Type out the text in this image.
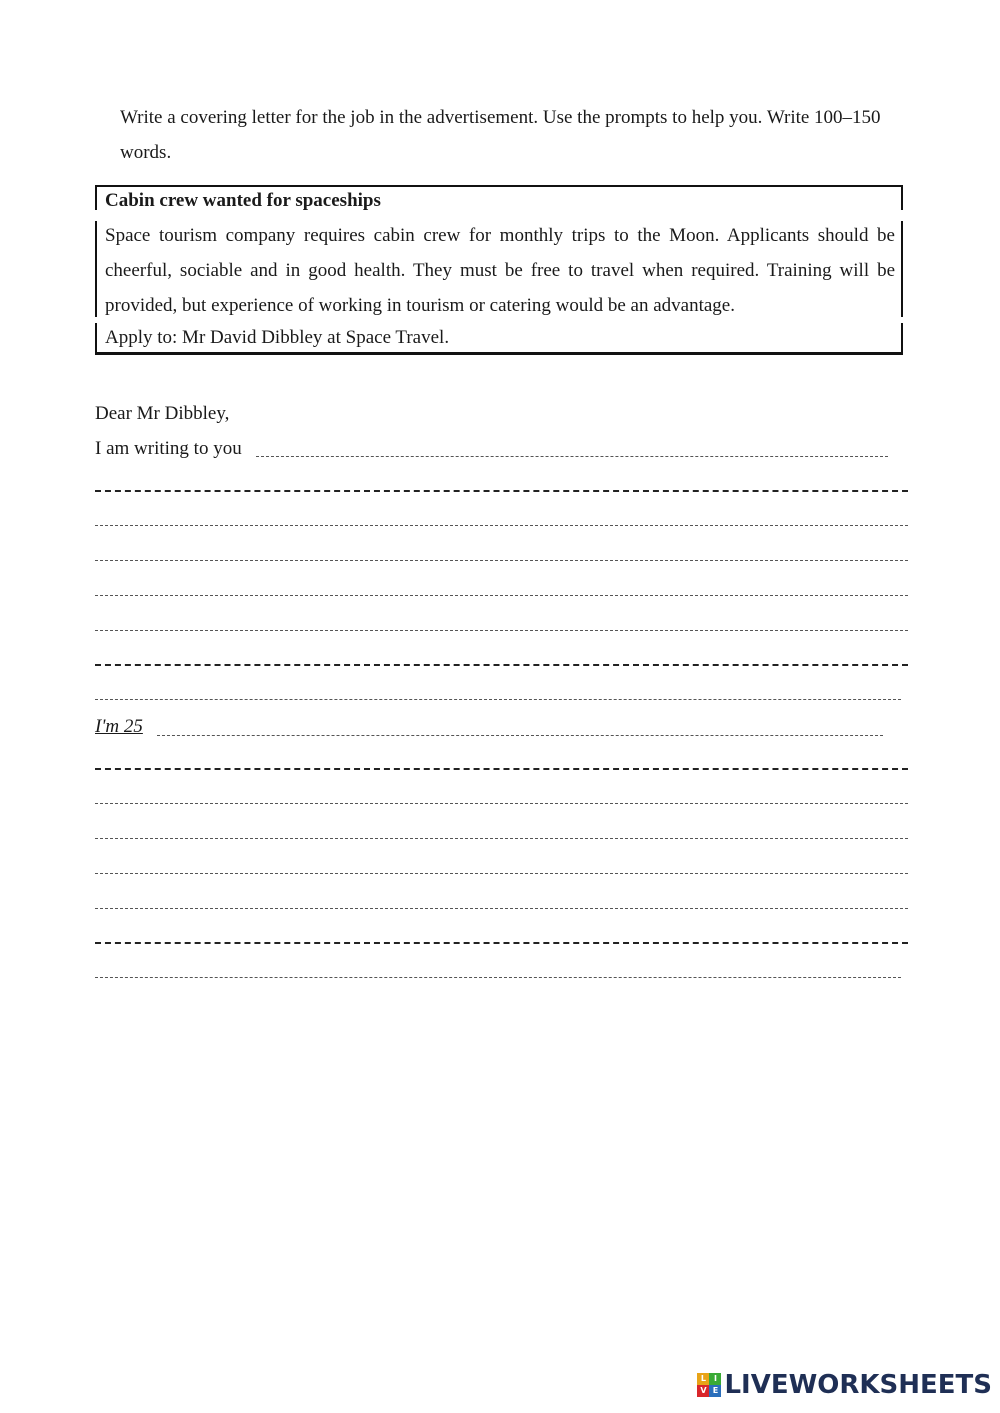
Write a covering letter for the job in the advertisement. Use the prompts to help you. Write 100–150 words.
Cabin crew wanted for spaceships
Space tourism company requires cabin crew for monthly trips to the Moon. Applicants should be cheerful, sociable and in good health. They must be free to travel when required. Training will be provided, but experience of working in tourism or catering would be an advantage.
Apply to: Mr David Dibbley at Space Travel.
Dear Mr Dibbley,
I am writing to you
I'm 25
L I
V E LIVEWORKSHEETS
